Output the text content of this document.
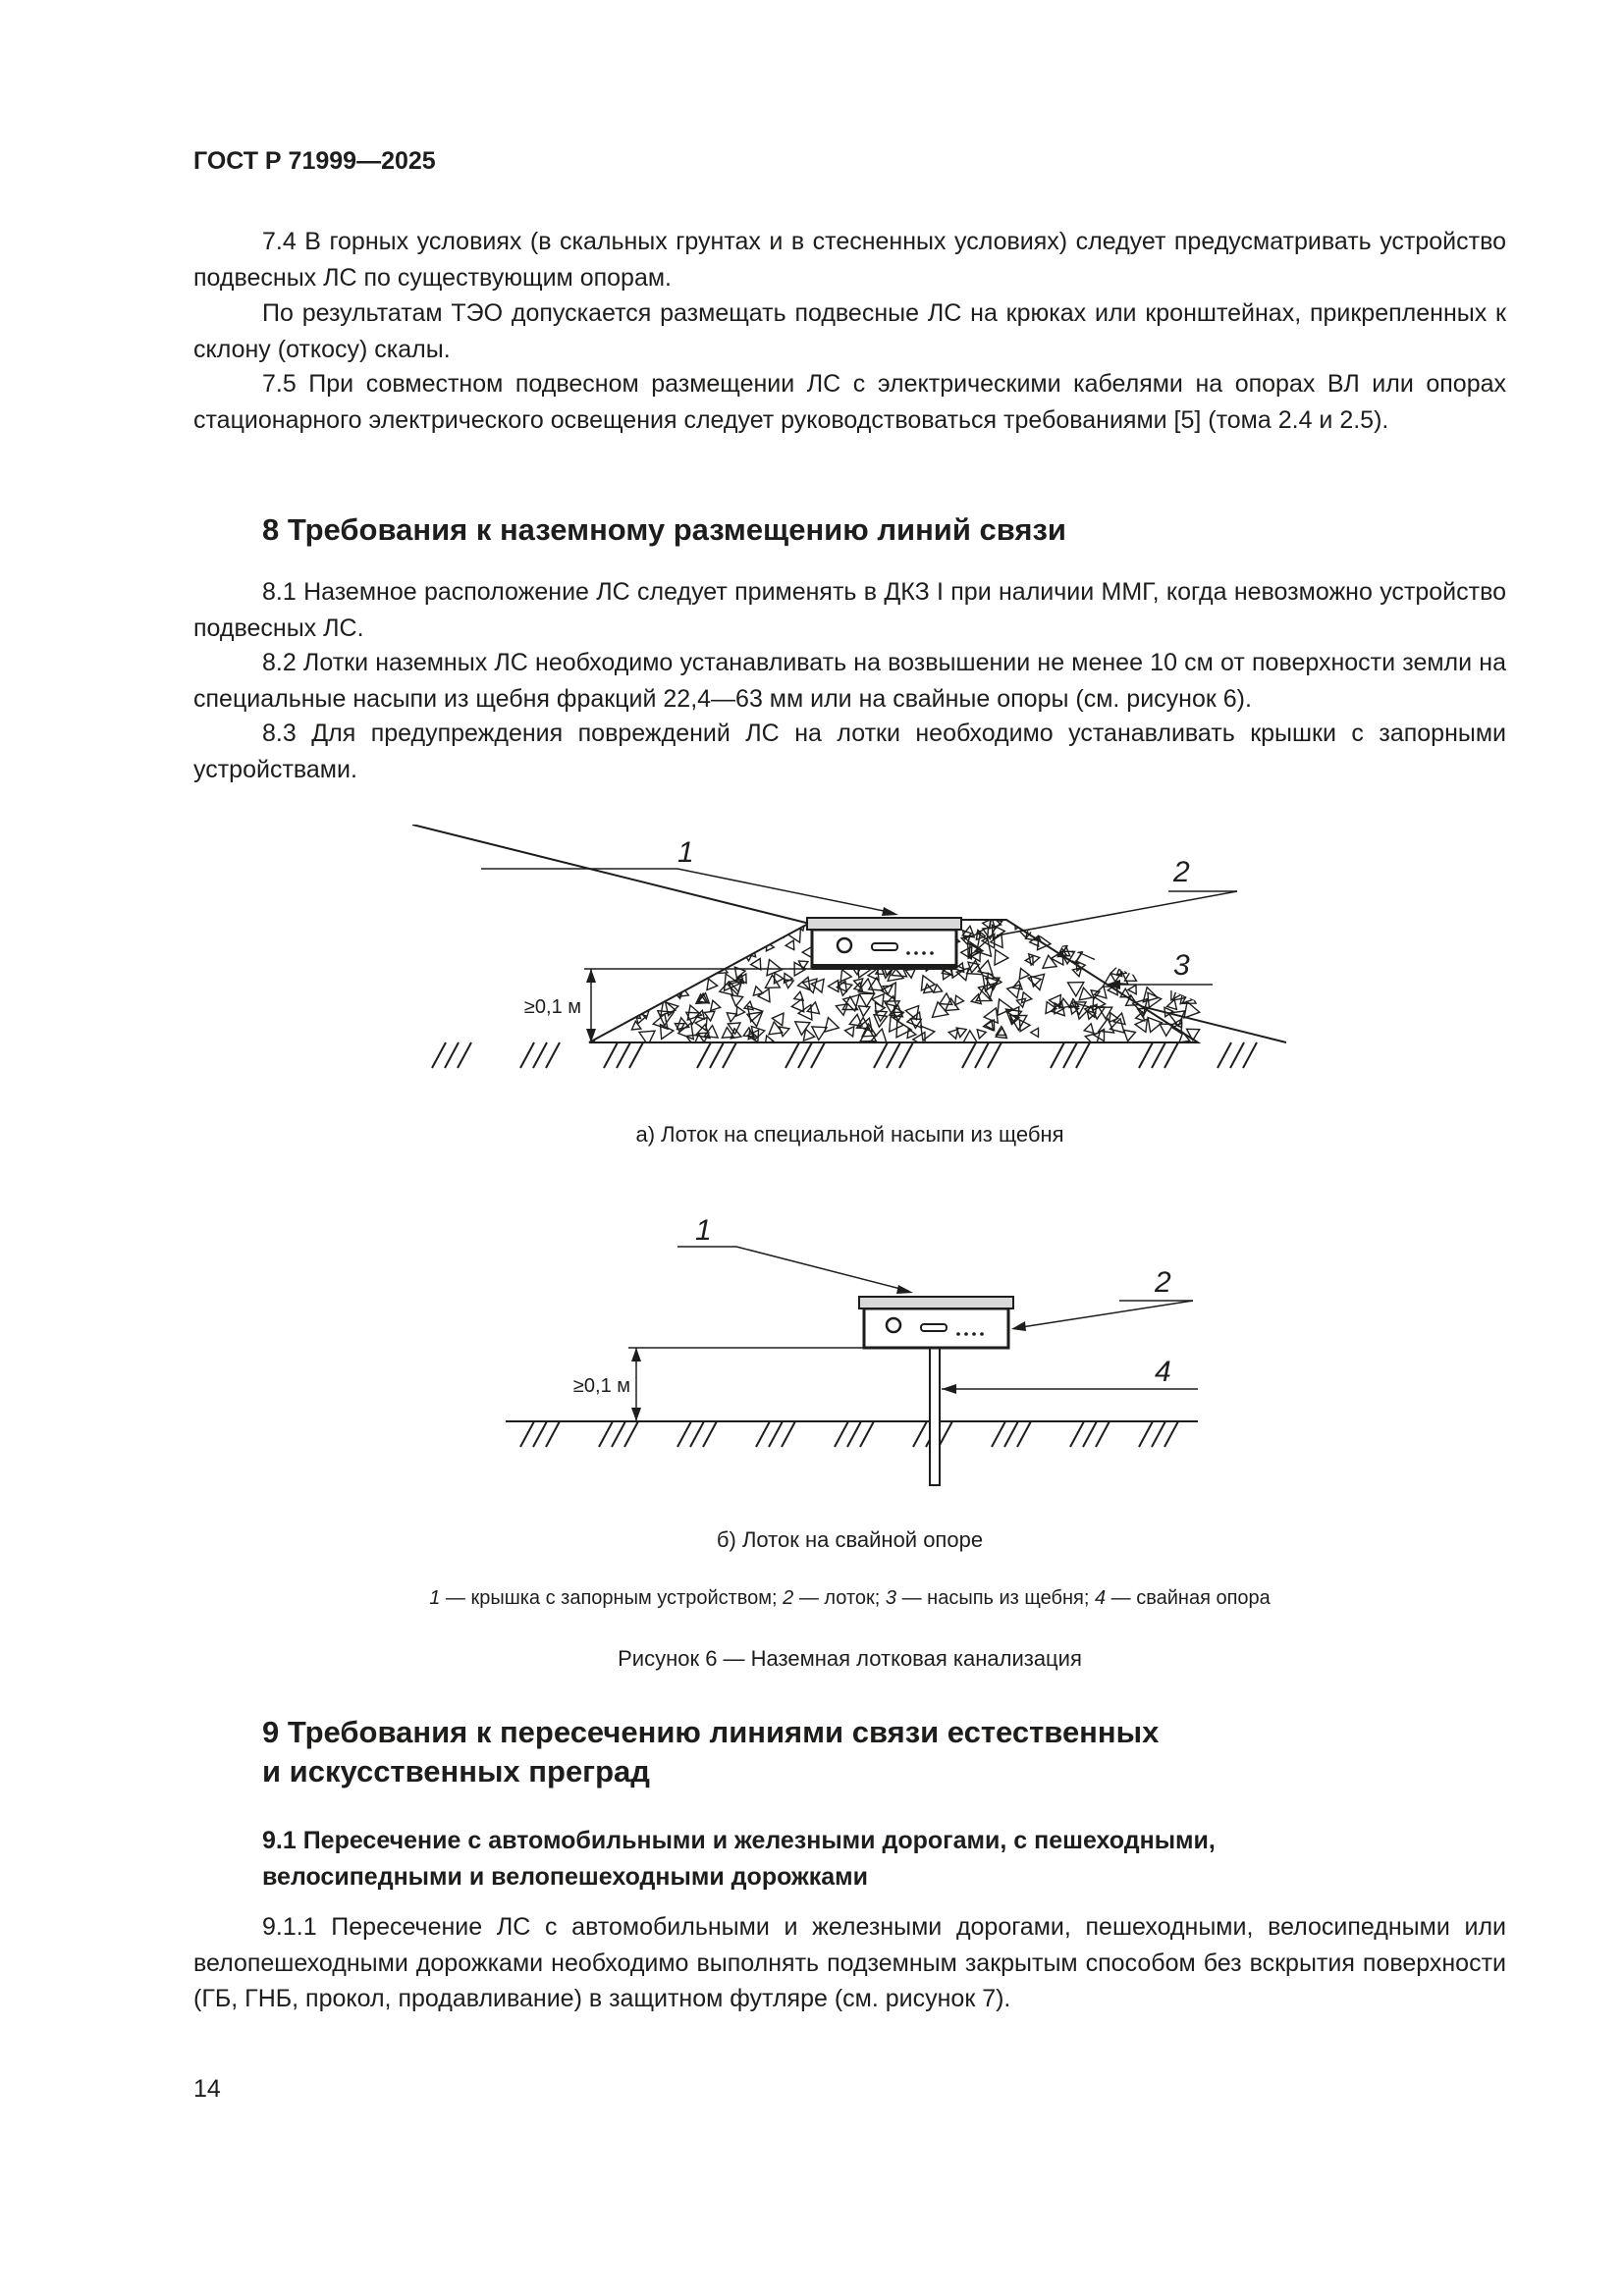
ГОСТ Р 71999—2025

7.4 В горных условиях (в скальных грунтах и в стесненных условиях) следует предусматривать устройство подвесных ЛС по существующим опорам.

По результатам ТЭО допускается размещать подвесные ЛС на крюках или кронштейнах, прикрепленных к склону (откосу) скалы.

7.5 При совместном подвесном размещении ЛС с электрическими кабелями на опорах ВЛ или опорах стационарного электрического освещения следует руководствоваться требованиями [5] (тома 2.4 и 2.5).

8 Требования к наземному размещению линий связи

8.1 Наземное расположение ЛС следует применять в ДКЗ I при наличии ММГ, когда невозможно устройство подвесных ЛС.

8.2 Лотки наземных ЛС необходимо устанавливать на возвышении не менее 10 см от поверхности земли на специальные насыпи из щебня фракций 22,4—63 мм или на свайные опоры (см. рисунок 6).

8.3 Для предупреждения повреждений ЛС на лотки необходимо устанавливать крышки с запорными устройствами.

≥0,1 м
1
2
1:1	3

а) Лоток на специальной насыпи из щебня

≥0,1 м
1
2
4

б) Лоток на свайной опоре

1 — крышка с запорным устройством; 2 — лоток; 3 — насыпь из щебня; 4 — свайная опора

Рисунок 6 — Наземная лотковая канализация

9 Требования к пересечению линиями связи естественных
и искусственных преград
9.1 Пересечение с автомобильными и железными дорогами, с пешеходными,
велосипедными и велопешеходными дорожками

9.1.1 Пересечение ЛС с автомобильными и железными дорогами, пешеходными, велосипедными или велопешеходными дорожками необходимо выполнять подземным закрытым способом без вскрытия поверхности (ГБ, ГНБ, прокол, продавливание) в защитном футляре (см. рисунок 7).

14
